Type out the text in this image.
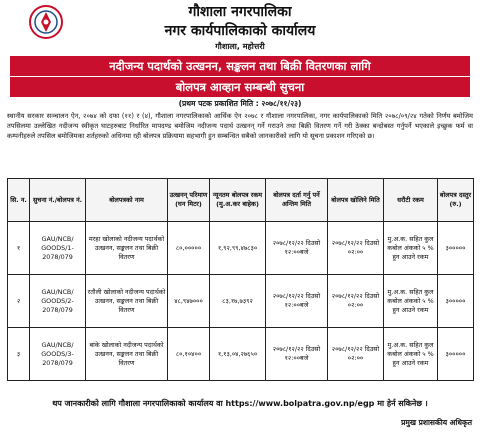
गौशाला नगरपालिका
नगर कार्यपालिकाको कार्यालय
गौशाला, महोत्तरी
नदीजन्य पदार्थको उत्खनन, सङ्कलन तथा बिक्री वितरणका लागि
बोलपत्र आव्हान सम्बन्धी सुचना
(प्रथम पटक प्रकाशित मिति : २०७८/११/२३)
स्थानीय सरकार सञ्चालन ऐन, २०७४ को दफा (११) र (४), गौशाला नगरपालिकाको आर्थिक ऐन २०७८ र गौशाला नगरपालिका, नगर कार्यपालिकाको मिति २०७८/०९/२४ गतेको निर्णय बमोजिम तपसिलमा उल्लेखित नदीजन्य स्वीकृत घाटहरुबाट निर्धारित मापदण्ड बमोजिम नदीजन्य पदार्थ उत्खनन् गर्ने गराउने तथा बिक्री वितरण गर्ने गरी ठेक्का बन्दोबस्त गर्नुपर्ने भएकाले इच्छुक फर्म वा कम्पनीहरुले तपसिल बमोजिमका शर्तहरुको अधिनमा रही बोलपत्र प्रक्रियामा सहभागी हुन सम्बन्धित सबैको जानकारीको लागि यो सूचना प्रकाशन गरिएको छ।
सि. न.	सुचना नं./बोलपत्र नं.	बोलपत्रको नाम	उत्खनन् परिमाण (घन मिटर)	न्यूनतम बोलपत्र रकम (मु.अ.कर बाहेक)	बोलपत्र दर्ता गर्नु पर्ने अन्तिम मिति	बोलपत्र खोलिने मिति	धरौटी रकम	बोलपत्र दस्तुर (रु.)
१	GAU/NCB/ GOODS/1- 2078/079	मरहा खोलाको नदीजन्य पदार्थको उत्खनन, सङ्कलन तथा बिक्री वितरण	८०,०००००	१,९२,९९,४७८३०	२०७८/१२/२२ दिउसो १२:००बजे	२०७८/१२/२२ दिउसो ०२:००	मु.अ.क. सहित कुल कबोल अंकको ५ % हुन आउने रकम	३०००००
२	GAU/NCB/ GOODS/2- 2078/079	रतौली खोलाको नदीजन्य पदार्थको उत्खनन, सङ्कलन तथा बिक्री वितरण	४८,९४७०००	८३,१७,७३९२	२०७८/१२/२२ दिउसो १२:००बजे	२०७८/१२/२२ दिउसो ०२:००	मु.अ.क. सहित कुल कबोल अंकको ५ % हुन आउने रकम	३०००००
३	GAU/NCB/ GOODS/3- 2078/079	बांके खोलाको नदीजन्य पदार्थको उत्खनन, सङ्कलन तथा बिक्री वितरण	८०,१०४००	१,१३,०४,२७६५०	२०७८/१२/२२ दिउसो १२:००बजे	२०७८/१२/२२ दिउसो ०२:००	मु.अ.क. सहित कुल कबोल अंकको ५ % हुन आउने रकम	३०००००
थप जानकारीको लागि गौशाला नगरपालिकाको कार्यालय वा https://www.bolpatra.gov.np/egp मा हेर्न सकिनेछ ।
प्रमुख प्रशासकीय अधिकृत
